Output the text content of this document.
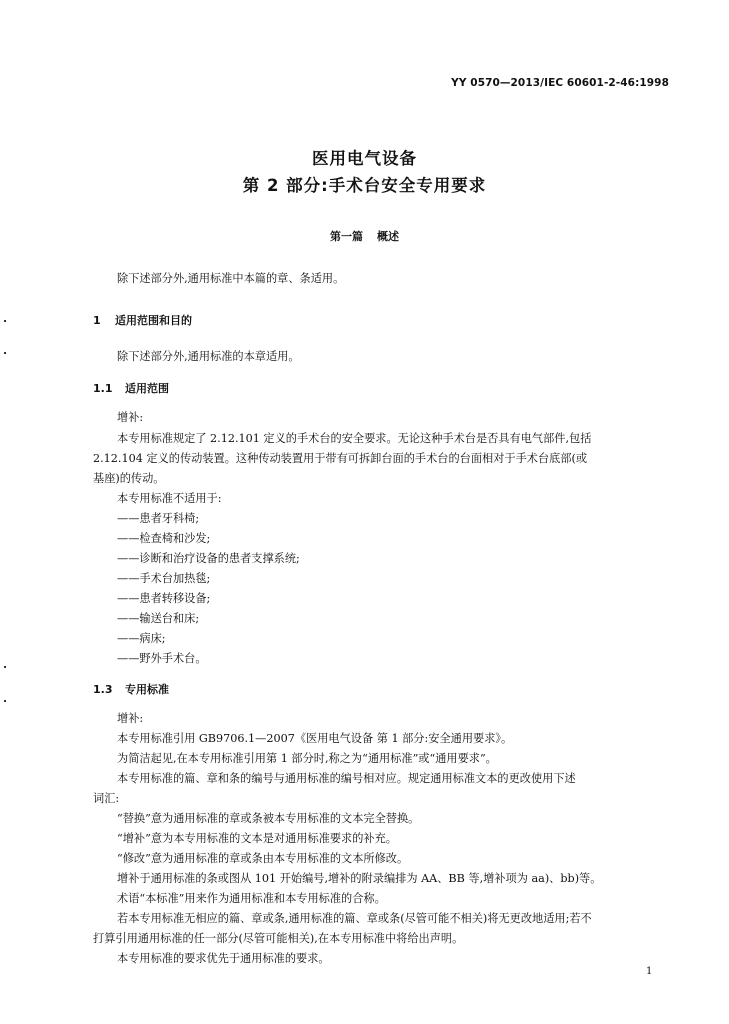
YY 0570—2013/IEC 60601-2-46:1998
医用电气设备
第 2 部分:手术台安全专用要求
第一篇 概述
除下述部分外,通用标准中本篇的章、条适用。
1 适用范围和目的
除下述部分外,通用标准的本章适用。
1.1 适用范围
增补:
本专用标准规定了 2.12.101 定义的手术台的安全要求。无论这种手术台是否具有电气部件,包括
2.12.104 定义的传动装置。这种传动装置用于带有可拆卸台面的手术台的台面相对于手术台底部(或
基座)的传动。
本专用标准不适用于:
——患者牙科椅;
——检查椅和沙发;
——诊断和治疗设备的患者支撑系统;
——手术台加热毯;
——患者转移设备;
——输送台和床;
——病床;
——野外手术台。
1.3 专用标准
增补:
本专用标准引用 GB9706.1—2007《医用电气设备 第 1 部分:安全通用要求》。
为简洁起见,在本专用标准引用第 1 部分时,称之为“通用标准”或“通用要求”。
本专用标准的篇、章和条的编号与通用标准的编号相对应。规定通用标准文本的更改使用下述
词汇:
“替换”意为通用标准的章或条被本专用标准的文本完全替换。
“增补”意为本专用标准的文本是对通用标准要求的补充。
“修改”意为通用标准的章或条由本专用标准的文本所修改。
增补于通用标准的条或图从 101 开始编号,增补的附录编排为 AA、BB 等,增补项为 aa)、bb)等。
术语“本标准”用来作为通用标准和本专用标准的合称。
若本专用标准无相应的篇、章或条,通用标准的篇、章或条(尽管可能不相关)将无更改地适用;若不
打算引用通用标准的任一部分(尽管可能相关),在本专用标准中将给出声明。
本专用标准的要求优先于通用标准的要求。
1
